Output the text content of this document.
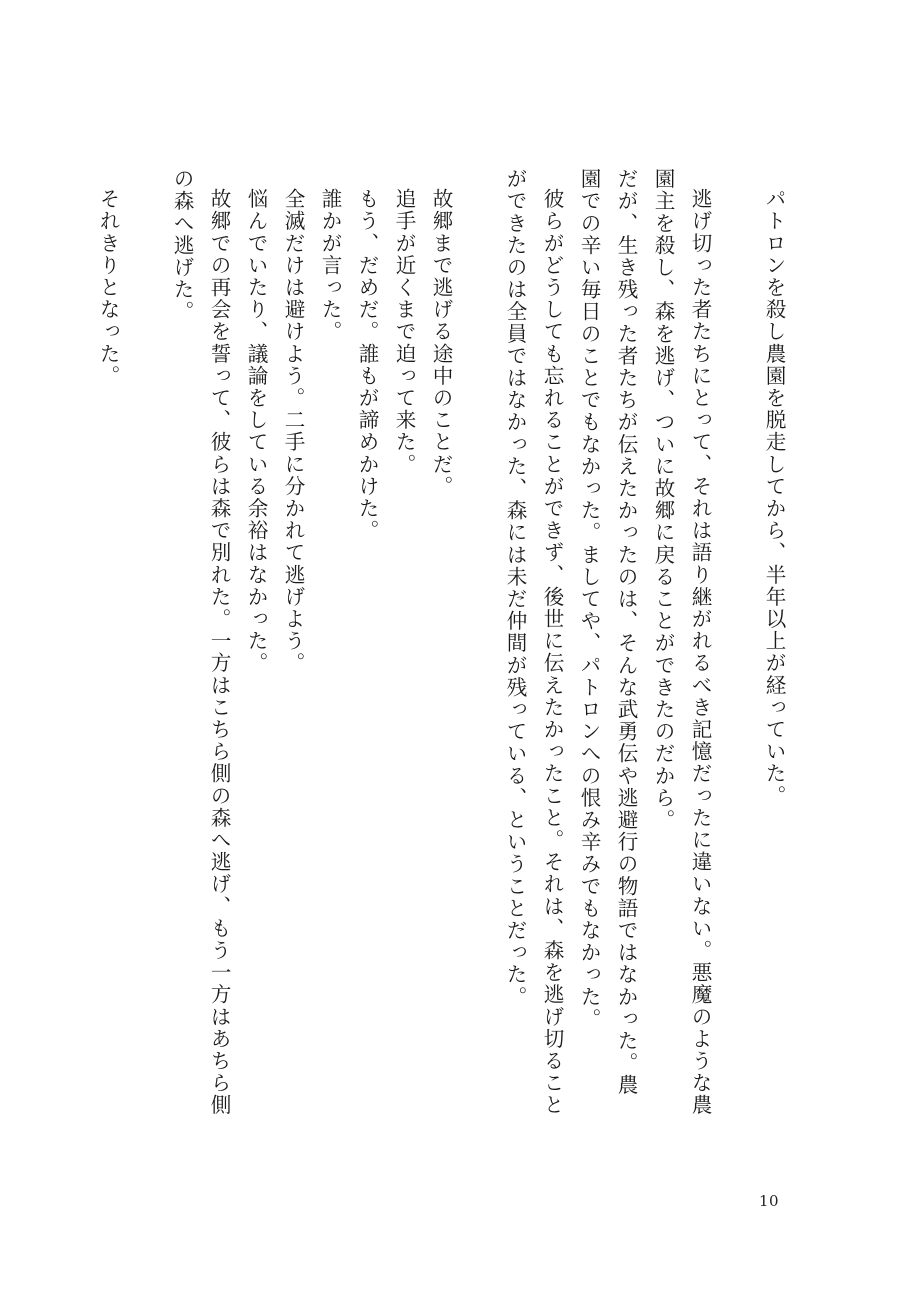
パトロンを殺し農園を脱走してから、半年以上が経っていた。
逃げ切った者たちにとって、それは語り継がれるべき記憶だったに違いない。悪魔のような農
園主を殺し、森を逃げ、ついに故郷に戻ることができたのだから。
だが、生き残った者たちが伝えたかったのは、そんな武勇伝や逃避行の物語ではなかった。農
園での辛い毎日のことでもなかった。ましてや、パトロンへの恨み辛みでもなかった。
彼らがどうしても忘れることができず、後世に伝えたかったこと。それは、森を逃げ切ること
ができたのは全員ではなかった、森には未だ仲間が残っている、ということだった。
故郷まで逃げる途中のことだ。
追手が近くまで迫って来た。
もう、だめだ。誰もが諦めかけた。
誰かが言った。
全滅だけは避けよう。二手に分かれて逃げよう。
悩んでいたり、議論をしている余裕はなかった。
故郷での再会を誓って、彼らは森で別れた。一方はこちら側の森へ逃げ、もう一方はあちら側
の森へ逃げた。
それきりとなった。
10
